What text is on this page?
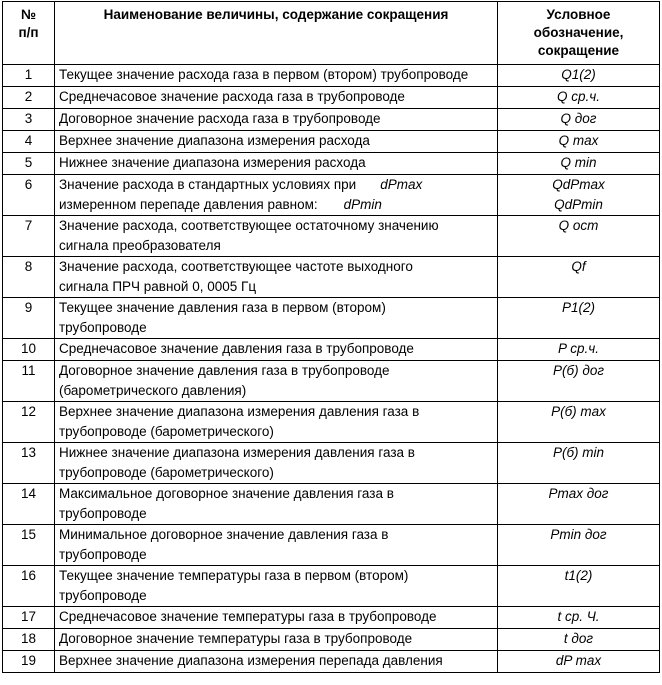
№
п/п	Наименование величины, содержание сокращения	Условное
обозначение,
сокращение

1	Текущее значение расхода газа в первом (втором) трубопроводе	Q1(2)

2	Среднечасовое значение расхода газа в трубопроводе	Q ср.ч.

3	Договорное значение расхода газа в трубопроводе	Q дог

4	Верхнее значение диапазона измерения расхода	Q max

5	Нижнее значение диапазона измерения расхода	Q min

6	Значение расхода в стандартных условиях при dPmax
измеренном перепаде давления равном: dPmin	QdPmax
QdPmin

7	Значение расхода, соответствующее остаточному значению
сигнала преобразователя	Q ост

8	Значение расхода, соответствующее частоте выходного
сигнала ПРЧ равной 0, 0005 Гц	Qf

9	Текущее значение давления газа в первом (втором)
трубопроводе	P1(2)

10	Среднечасовое значение давления газа в трубопроводе	P ср.ч.

11	Договорное значение давления газа в трубопроводе
(барометрического давления)	P(б) дог

12	Верхнее значение диапазона измерения давления газа в
трубопроводе (барометрического)	P(б) max

13	Нижнее значение диапазона измерения давления газа в
трубопроводе (барометрического)	P(б) min

14	Максимальное договорное значение давления газа в
трубопроводе	Pmax дог

15	Минимальное договорное значение давления газа в
трубопроводе	Pmin дог

16	Текущее значение температуры газа в первом (втором)
трубопроводе	t1(2)

17	Среднечасовое значение температуры газа в трубопроводе	t ср. Ч.

18	Договорное значение температуры газа в трубопроводе	t дог

19	Верхнее значение диапазона измерения перепада давления	dP max
